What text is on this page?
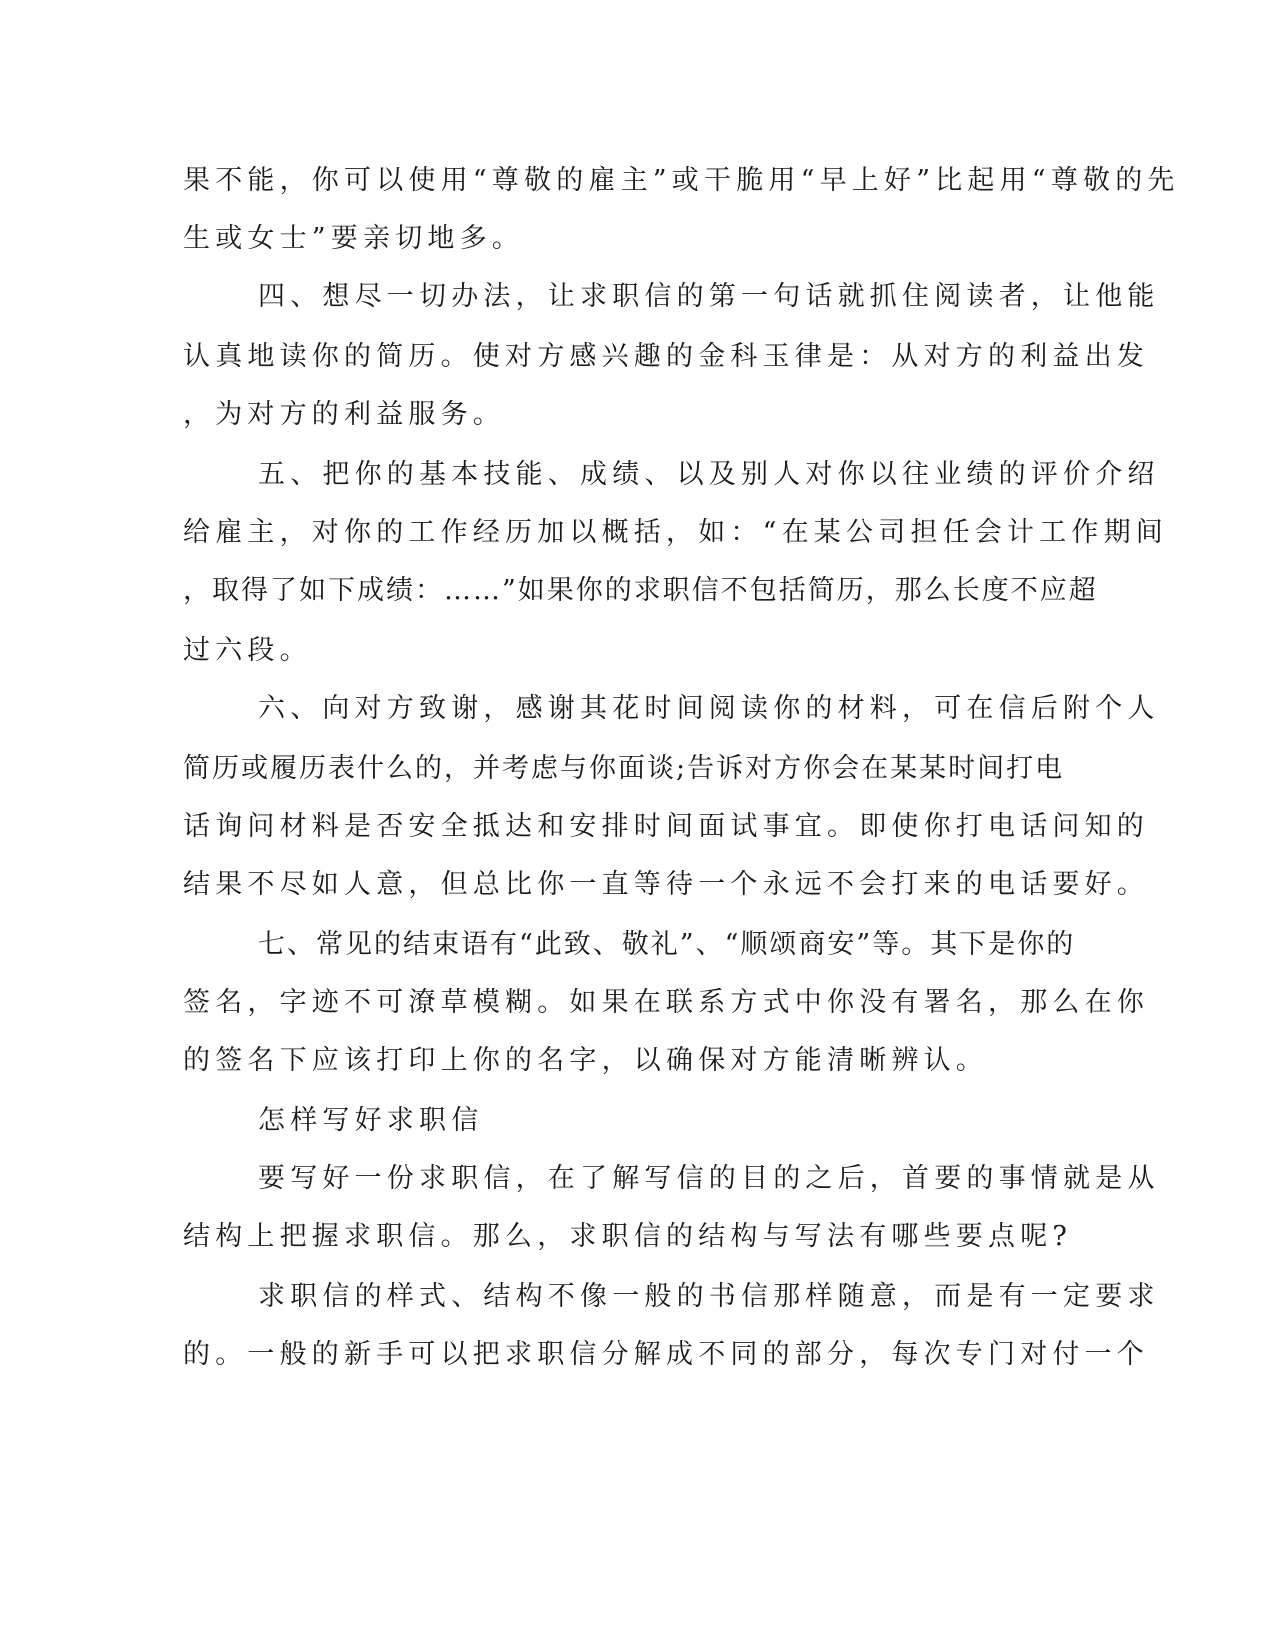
果不能，你可以使用“尊敬的雇主”或干脆用“早上好”比起用“尊敬的先
生或女士”要亲切地多。
四、想尽一切办法，让求职信的第一句话就抓住阅读者，让他能
认真地读你的简历。使对方感兴趣的金科玉律是：从对方的利益出发
，为对方的利益服务。
五、把你的基本技能、成绩、以及别人对你以往业绩的评价介绍
给雇主，对你的工作经历加以概括，如：“在某公司担任会计工作期间
，取得了如下成绩：……”如果你的求职信不包括简历，那么长度不应超
过六段。
六、向对方致谢，感谢其花时间阅读你的材料，可在信后附个人
简历或履历表什么的，并考虑与你面谈;告诉对方你会在某某时间打电
话询问材料是否安全抵达和安排时间面试事宜。即使你打电话问知的
结果不尽如人意，但总比你一直等待一个永远不会打来的电话要好。
七、常见的结束语有“此致、敬礼”、“顺颂商安”等。其下是你的
签名，字迹不可潦草模糊。如果在联系方式中你没有署名，那么在你
的签名下应该打印上你的名字，以确保对方能清晰辨认。
怎样写好求职信
要写好一份求职信，在了解写信的目的之后，首要的事情就是从
结构上把握求职信。那么，求职信的结构与写法有哪些要点呢?
求职信的样式、结构不像一般的书信那样随意，而是有一定要求
的。一般的新手可以把求职信分解成不同的部分，每次专门对付一个
